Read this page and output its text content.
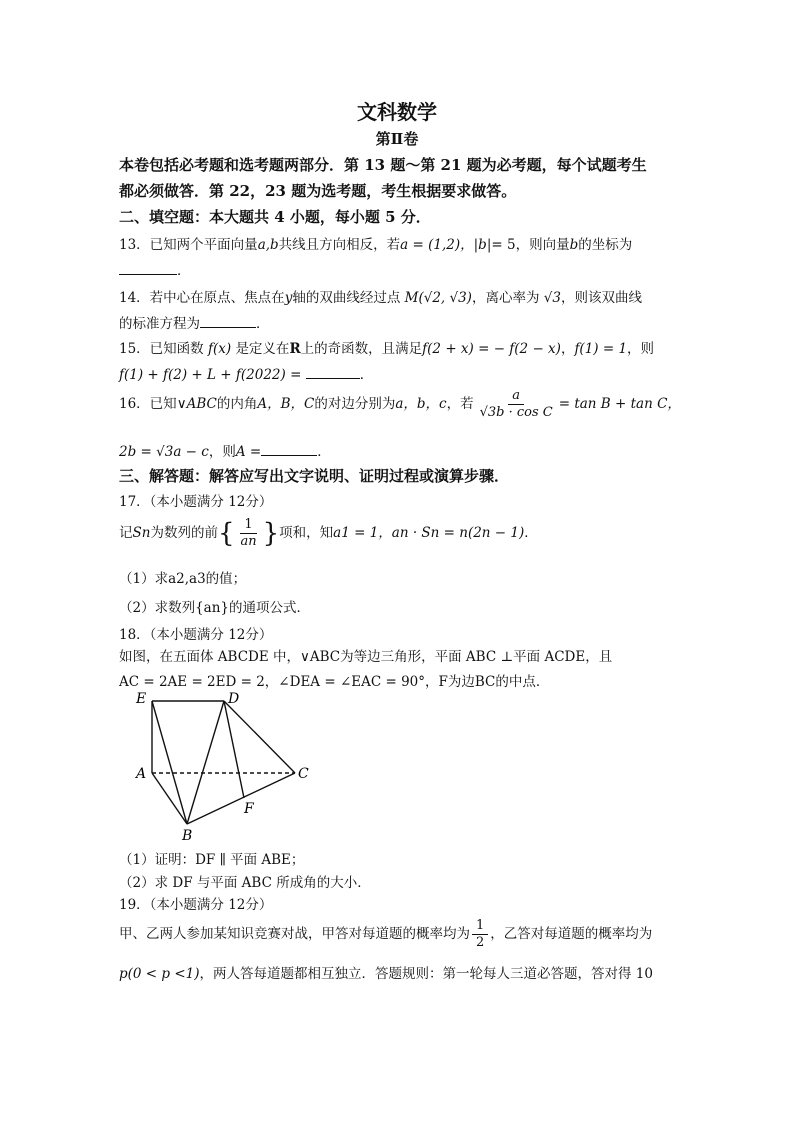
文科数学
第Ⅱ卷
本卷包括必考题和选考题两部分．第 13 题～第 21 题为必考题，每个试题考生
都必须做答．第 22，23 题为选考题，考生根据要求做答。
二、填空题：本大题共 4 小题，每小题 5 分．
13．已知两个平面向量a,b共线且方向相反，若a = (1,2)，|b|= 5，则向量b的坐标为
．
14．若中心在原点、焦点在y轴的双曲线经过点 M(√2, √3)，离心率为 √3，则该双曲线
的标准方程为	．
15．已知函数 f(x) 是定义在R上的奇函数，且满足f(2 + x) = − f(2 − x)，f(1) = 1，则
f(1) + f(2) + L + f(2022) =	．
16．已知∨ABC的内角A，B，C的对边分别为a，b，c，若 $\frac{a}{\text{√3b · cos C}} = \tan B + \tan C$，
2b = √3a − c，则A =	．
三、解答题：解答应写出文字说明、证明过程或演算步骤．
17．（本小题满分 12分）
记Sn为数列的前{ $\frac{1}{an}$ }项和，知a1 = 1，an · Sn = n(2n − 1)．
（1）求a2,a3的值；
（2）求数列{an}的通项公式．
18．（本小题满分 12分）
如图，在五面体 ABCDE 中，∨ABC为等边三角形，平面 ABC ⊥平面 ACDE，且
AC = 2AE = 2ED = 2，∠DEA = ∠EAC = 90°，F为边BC的中点．
E	D
A	C
F
B
（1）证明：DF ∥ 平面 ABE；
（2）求 DF 与平面 ABC 所成角的大小．
19．（本小题满分 12分）
甲、乙两人参加某知识竞赛对战，甲答对每道题的概率均为 $\frac{1}{2}$ ，乙答对每道题的概率均为
p(0 < p <1)，两人答每道题都相互独立．答题规则：第一轮每人三道必答题，答对得 10
